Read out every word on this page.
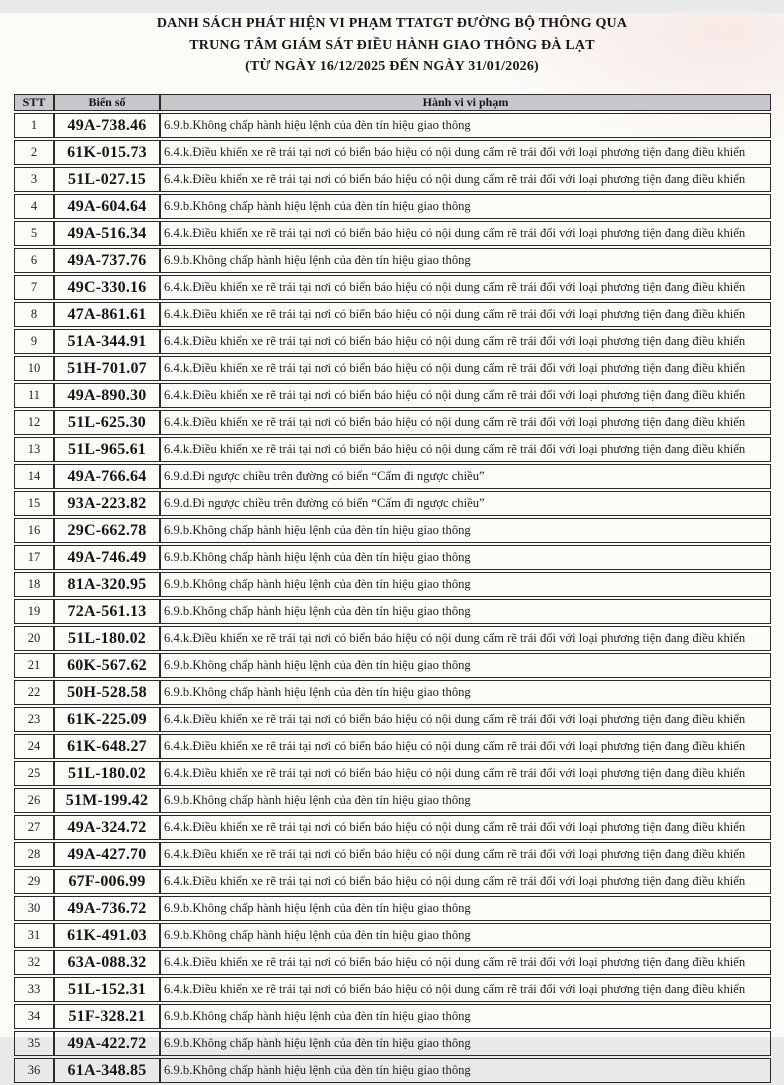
DANH SÁCH PHÁT HIỆN VI PHẠM TTATGT ĐƯỜNG BỘ THÔNG QUA
TRUNG TÂM GIÁM SÁT ĐIỀU HÀNH GIAO THÔNG ĐÀ LẠT
(TỪ NGÀY 16/12/2025 ĐẾN NGÀY 31/01/2026)
STT	Biển số	Hành vi vi phạm
1	49A-738.46	6.9.b.Không chấp hành hiệu lệnh của đèn tín hiệu giao thông
2	61K-015.73	6.4.k.Điều khiển xe rẽ trái tại nơi có biển báo hiệu có nội dung cấm rẽ trái đối với loại phương tiện đang điều khiển
3	51L-027.15	6.4.k.Điều khiển xe rẽ trái tại nơi có biển báo hiệu có nội dung cấm rẽ trái đối với loại phương tiện đang điều khiển
4	49A-604.64	6.9.b.Không chấp hành hiệu lệnh của đèn tín hiệu giao thông
5	49A-516.34	6.4.k.Điều khiển xe rẽ trái tại nơi có biển báo hiệu có nội dung cấm rẽ trái đối với loại phương tiện đang điều khiển
6	49A-737.76	6.9.b.Không chấp hành hiệu lệnh của đèn tín hiệu giao thông
7	49C-330.16	6.4.k.Điều khiển xe rẽ trái tại nơi có biển báo hiệu có nội dung cấm rẽ trái đối với loại phương tiện đang điều khiển
8	47A-861.61	6.4.k.Điều khiển xe rẽ trái tại nơi có biển báo hiệu có nội dung cấm rẽ trái đối với loại phương tiện đang điều khiển
9	51A-344.91	6.4.k.Điều khiển xe rẽ trái tại nơi có biển báo hiệu có nội dung cấm rẽ trái đối với loại phương tiện đang điều khiển
10	51H-701.07	6.4.k.Điều khiển xe rẽ trái tại nơi có biển báo hiệu có nội dung cấm rẽ trái đối với loại phương tiện đang điều khiển
11	49A-890.30	6.4.k.Điều khiển xe rẽ trái tại nơi có biển báo hiệu có nội dung cấm rẽ trái đối với loại phương tiện đang điều khiển
12	51L-625.30	6.4.k.Điều khiển xe rẽ trái tại nơi có biển báo hiệu có nội dung cấm rẽ trái đối với loại phương tiện đang điều khiển
13	51L-965.61	6.4.k.Điều khiển xe rẽ trái tại nơi có biển báo hiệu có nội dung cấm rẽ trái đối với loại phương tiện đang điều khiển
14	49A-766.64	6.9.d.Đi ngược chiều trên đường có biển “Cấm đi ngược chiều”
15	93A-223.82	6.9.d.Đi ngược chiều trên đường có biển “Cấm đi ngược chiều”
16	29C-662.78	6.9.b.Không chấp hành hiệu lệnh của đèn tín hiệu giao thông
17	49A-746.49	6.9.b.Không chấp hành hiệu lệnh của đèn tín hiệu giao thông
18	81A-320.95	6.9.b.Không chấp hành hiệu lệnh của đèn tín hiệu giao thông
19	72A-561.13	6.9.b.Không chấp hành hiệu lệnh của đèn tín hiệu giao thông
20	51L-180.02	6.4.k.Điều khiển xe rẽ trái tại nơi có biển báo hiệu có nội dung cấm rẽ trái đối với loại phương tiện đang điều khiển
21	60K-567.62	6.9.b.Không chấp hành hiệu lệnh của đèn tín hiệu giao thông
22	50H-528.58	6.9.b.Không chấp hành hiệu lệnh của đèn tín hiệu giao thông
23	61K-225.09	6.4.k.Điều khiển xe rẽ trái tại nơi có biển báo hiệu có nội dung cấm rẽ trái đối với loại phương tiện đang điều khiển
24	61K-648.27	6.4.k.Điều khiển xe rẽ trái tại nơi có biển báo hiệu có nội dung cấm rẽ trái đối với loại phương tiện đang điều khiển
25	51L-180.02	6.4.k.Điều khiển xe rẽ trái tại nơi có biển báo hiệu có nội dung cấm rẽ trái đối với loại phương tiện đang điều khiển
26	51M-199.42	6.9.b.Không chấp hành hiệu lệnh của đèn tín hiệu giao thông
27	49A-324.72	6.4.k.Điều khiển xe rẽ trái tại nơi có biển báo hiệu có nội dung cấm rẽ trái đối với loại phương tiện đang điều khiển
28	49A-427.70	6.4.k.Điều khiển xe rẽ trái tại nơi có biển báo hiệu có nội dung cấm rẽ trái đối với loại phương tiện đang điều khiển
29	67F-006.99	6.4.k.Điều khiển xe rẽ trái tại nơi có biển báo hiệu có nội dung cấm rẽ trái đối với loại phương tiện đang điều khiển
30	49A-736.72	6.9.b.Không chấp hành hiệu lệnh của đèn tín hiệu giao thông
31	61K-491.03	6.9.b.Không chấp hành hiệu lệnh của đèn tín hiệu giao thông
32	63A-088.32	6.4.k.Điều khiển xe rẽ trái tại nơi có biển báo hiệu có nội dung cấm rẽ trái đối với loại phương tiện đang điều khiển
33	51L-152.31	6.4.k.Điều khiển xe rẽ trái tại nơi có biển báo hiệu có nội dung cấm rẽ trái đối với loại phương tiện đang điều khiển
34	51F-328.21	6.9.b.Không chấp hành hiệu lệnh của đèn tín hiệu giao thông
35	49A-422.72	6.9.b.Không chấp hành hiệu lệnh của đèn tín hiệu giao thông
36	61A-348.85	6.9.b.Không chấp hành hiệu lệnh của đèn tín hiệu giao thông
